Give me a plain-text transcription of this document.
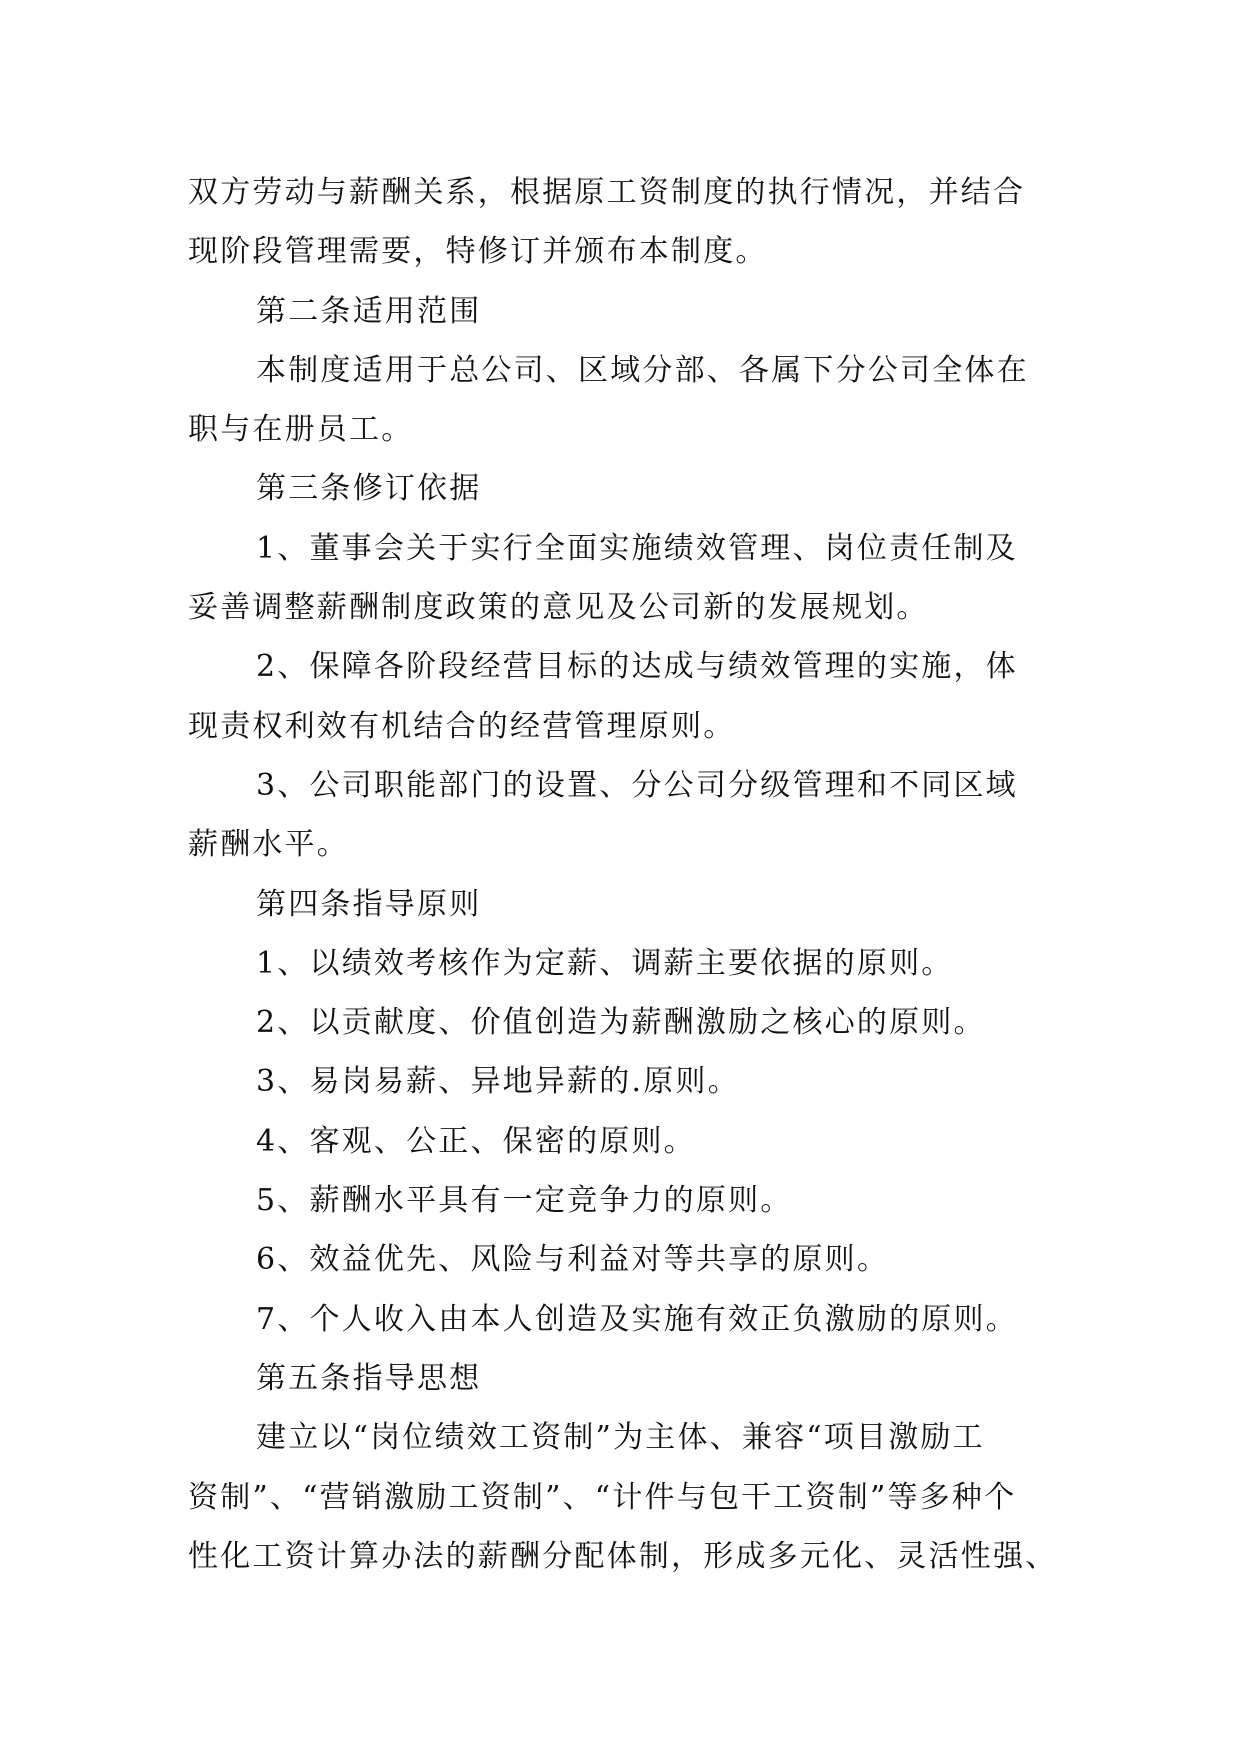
双方劳动与薪酬关系，根据原工资制度的执行情况，并结合
现阶段管理需要，特修订并颁布本制度。
第二条适用范围
本制度适用于总公司、区域分部、各属下分公司全体在
职与在册员工。
第三条修订依据
1、董事会关于实行全面实施绩效管理、岗位责任制及
妥善调整薪酬制度政策的意见及公司新的发展规划。
2、保障各阶段经营目标的达成与绩效管理的实施，体
现责权利效有机结合的经营管理原则。
3、公司职能部门的设置、分公司分级管理和不同区域
薪酬水平。
第四条指导原则
1、以绩效考核作为定薪、调薪主要依据的原则。
2、以贡献度、价值创造为薪酬激励之核心的原则。
3、易岗易薪、异地异薪的.原则。
4、客观、公正、保密的原则。
5、薪酬水平具有一定竞争力的原则。
6、效益优先、风险与利益对等共享的原则。
7、个人收入由本人创造及实施有效正负激励的原则。
第五条指导思想
建立以“岗位绩效工资制”为主体、兼容“项目激励工
资制”、“营销激励工资制”、“计件与包干工资制”等多种个
性化工资计算办法的薪酬分配体制，形成多元化、灵活性强、
